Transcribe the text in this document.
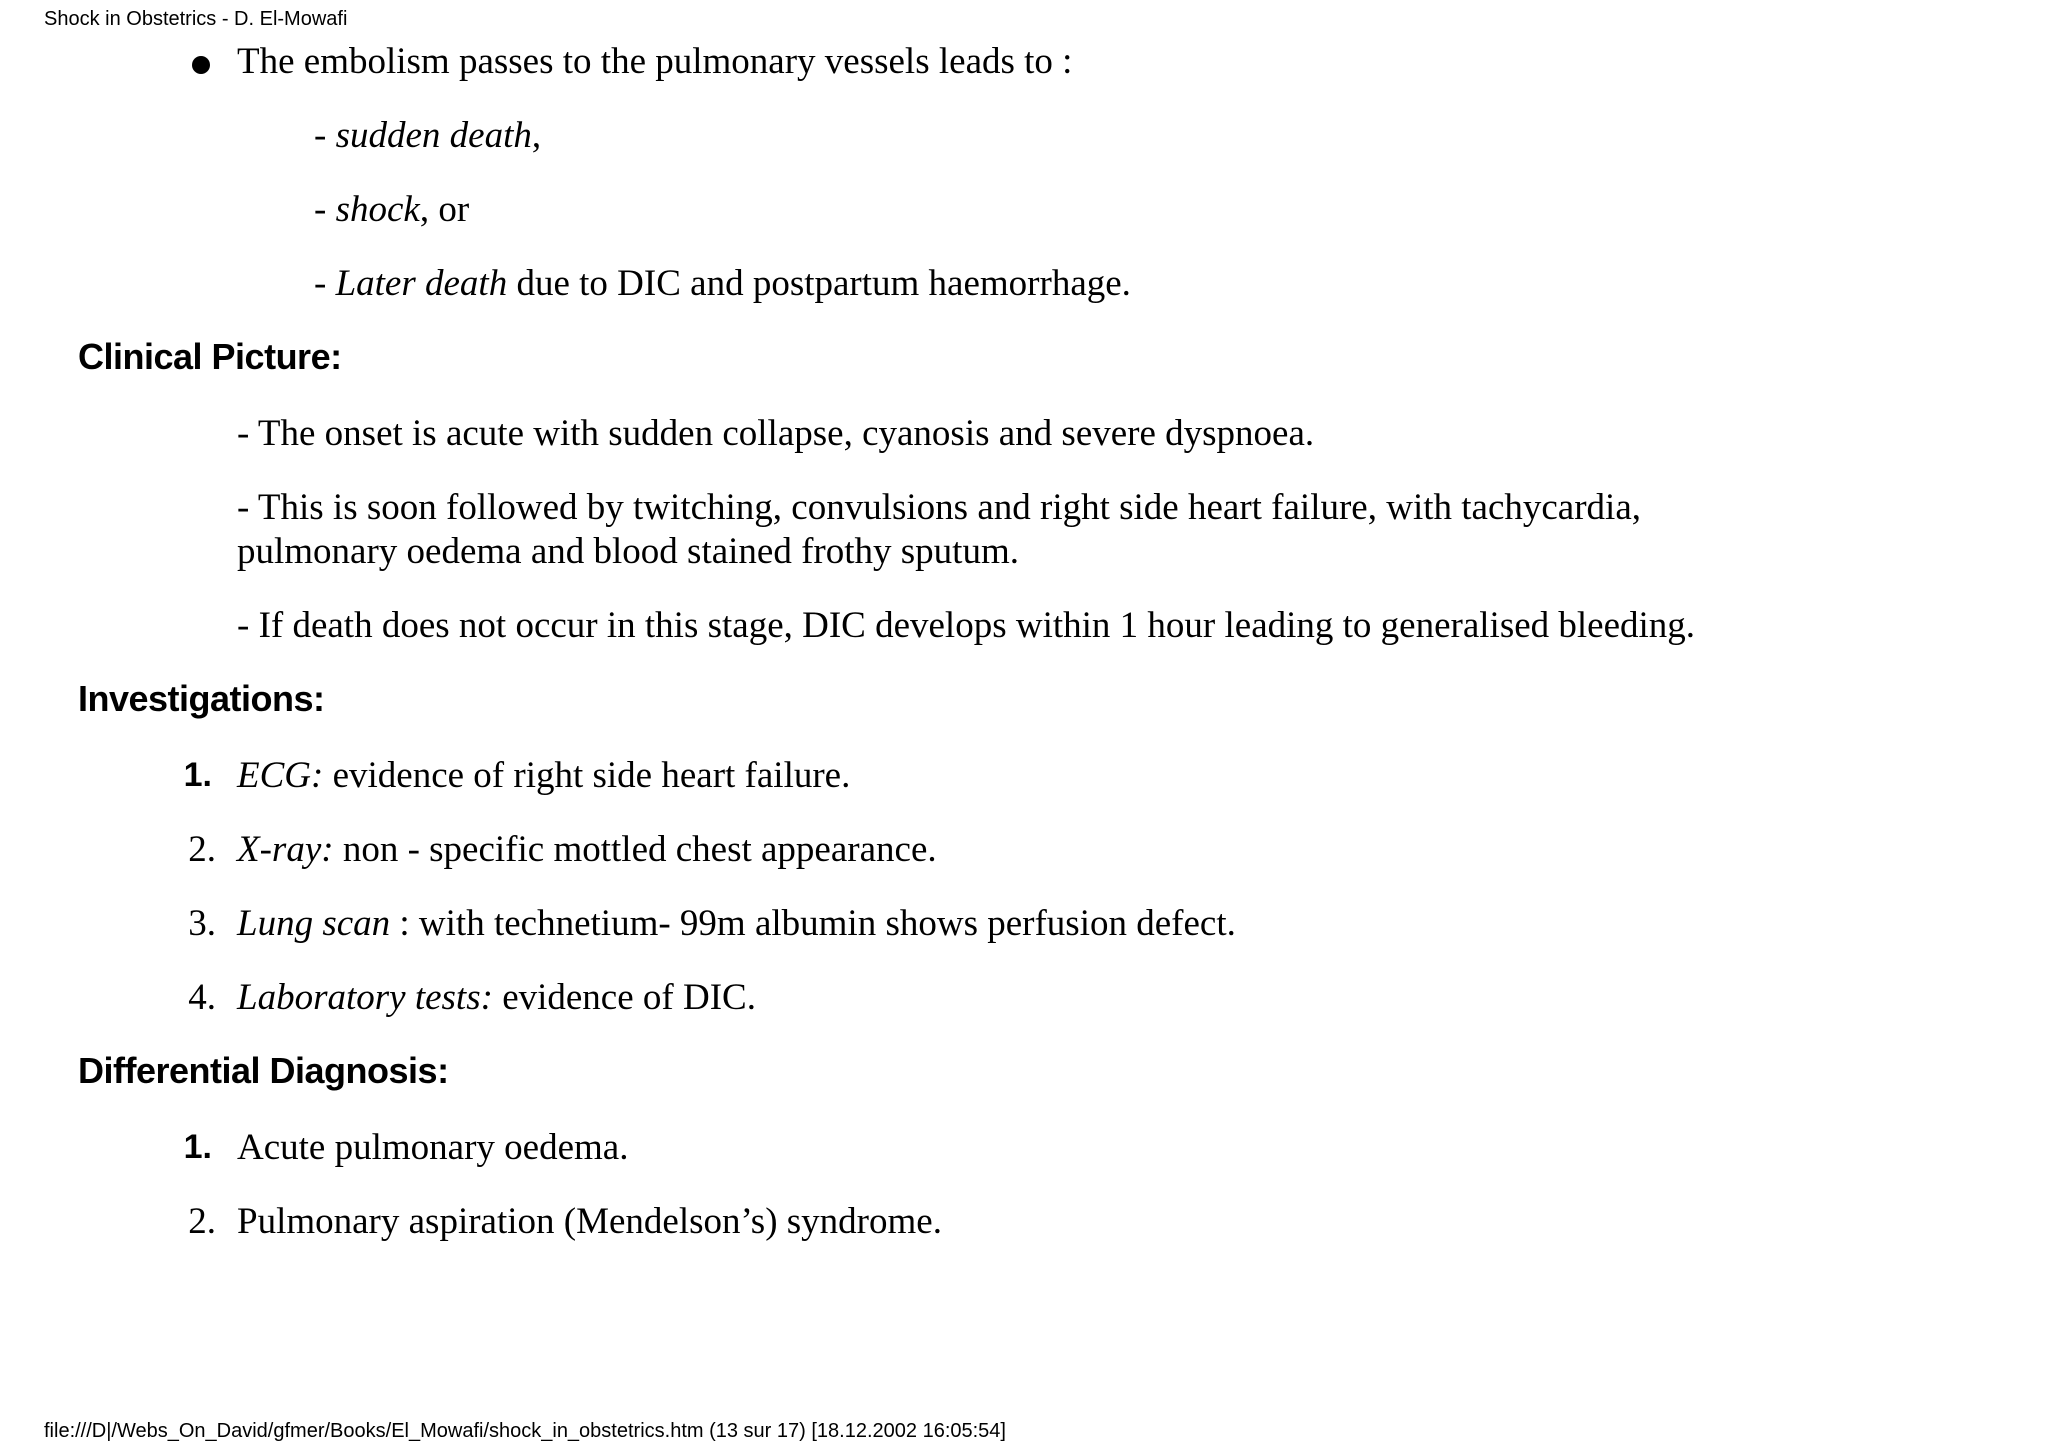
Shock in Obstetrics - D. El-Mowafi
The embolism passes to the pulmonary vessels leads to :
- sudden death,
- shock, or
- Later death due to DIC and postpartum haemorrhage.
Clinical Picture:
- The onset is acute with sudden collapse, cyanosis and severe dyspnoea.
- This is soon followed by twitching, convulsions and right side heart failure, with tachycardia,
pulmonary oedema and blood stained frothy sputum.
- If death does not occur in this stage, DIC develops within 1 hour leading to generalised bleeding.
Investigations:
1. ECG: evidence of right side heart failure.
2. X-ray: non - specific mottled chest appearance.
3. Lung scan : with technetium- 99m albumin shows perfusion defect.
4. Laboratory tests: evidence of DIC.
Differential Diagnosis:
1. Acute pulmonary oedema.
2. Pulmonary aspiration (Mendelson’s) syndrome.
file:///D|/Webs_On_David/gfmer/Books/El_Mowafi/shock_in_obstetrics.htm (13 sur 17) [18.12.2002 16:05:54]
